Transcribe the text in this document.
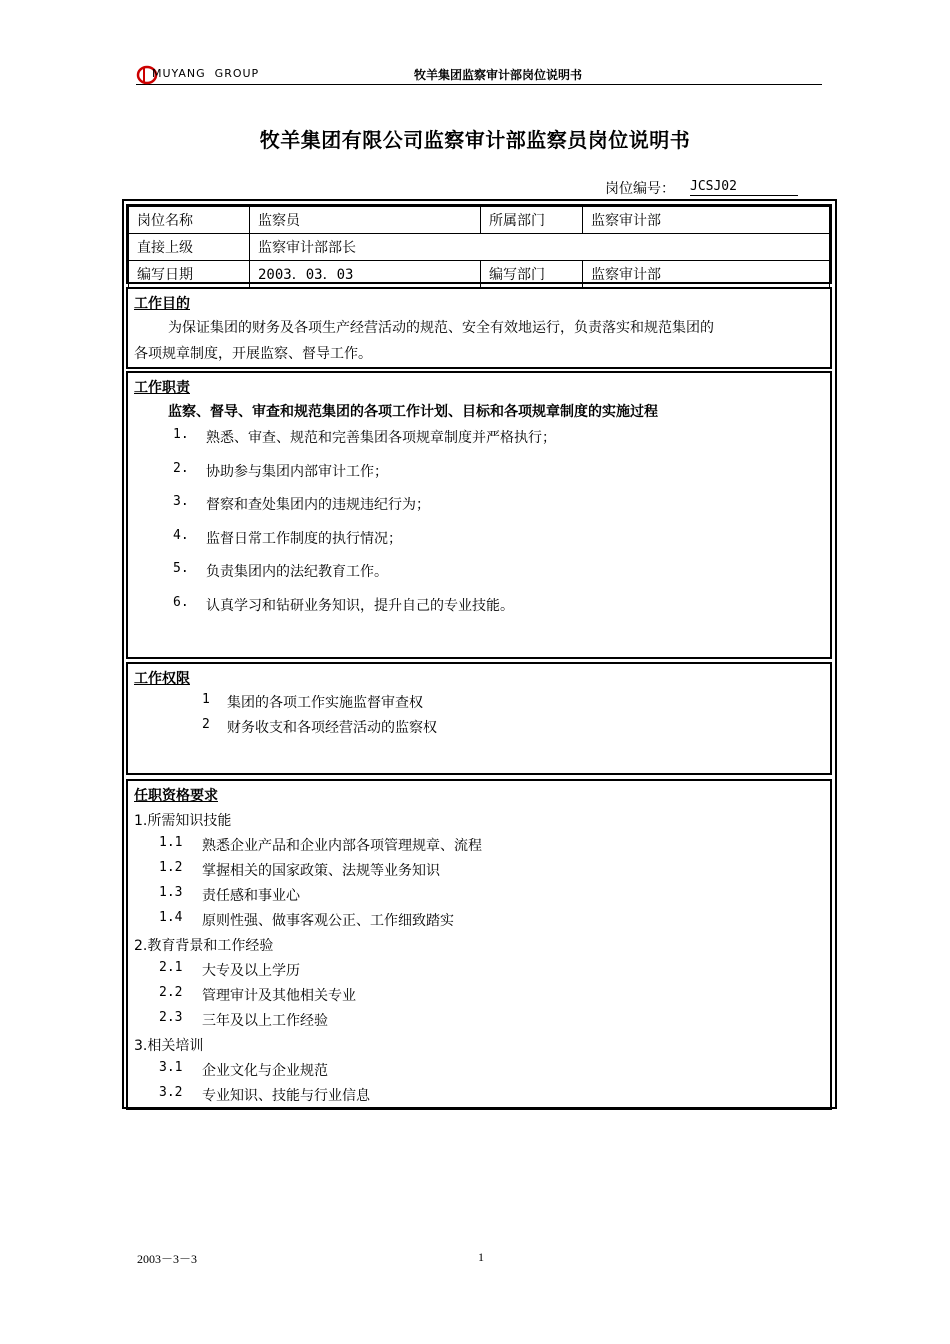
MUYANG  GROUP	牧羊集团监察审计部岗位说明书
牧羊集团有限公司监察审计部监察员岗位说明书
岗位编号： JCSJ02
岗位名称	监察员	所属部门	监察审计部
直接上级	监察审计部部长		
编写日期	2003．03．03	编写部门	监察审计部
工作目的
为保证集团的财务及各项生产经营活动的规范、安全有效地运行，负责落实和规范集团的
各项规章制度，开展监察、督导工作。
工作职责
监察、督导、审查和规范集团的各项工作计划、目标和各项规章制度的实施过程
1. 熟悉、审查、规范和完善集团各项规章制度并严格执行；
2. 协助参与集团内部审计工作；
3. 督察和查处集团内的违规违纪行为；
4. 监督日常工作制度的执行情况；
5. 负责集团内的法纪教育工作。
6. 认真学习和钻研业务知识，提升自己的专业技能。
工作权限
1 集团的各项工作实施监督审查权
2 财务收支和各项经营活动的监察权
任职资格要求
1.所需知识技能
1.1 熟悉企业产品和企业内部各项管理规章、流程
1.2 掌握相关的国家政策、法规等业务知识
1.3 责任感和事业心
1.4 原则性强、做事客观公正、工作细致踏实
2.教育背景和工作经验
2.1 大专及以上学历
2.2 管理审计及其他相关专业
2.3 三年及以上工作经验
3.相关培训
3.1 企业文化与企业规范
3.2 专业知识、技能与行业信息
2003－3－3	1
